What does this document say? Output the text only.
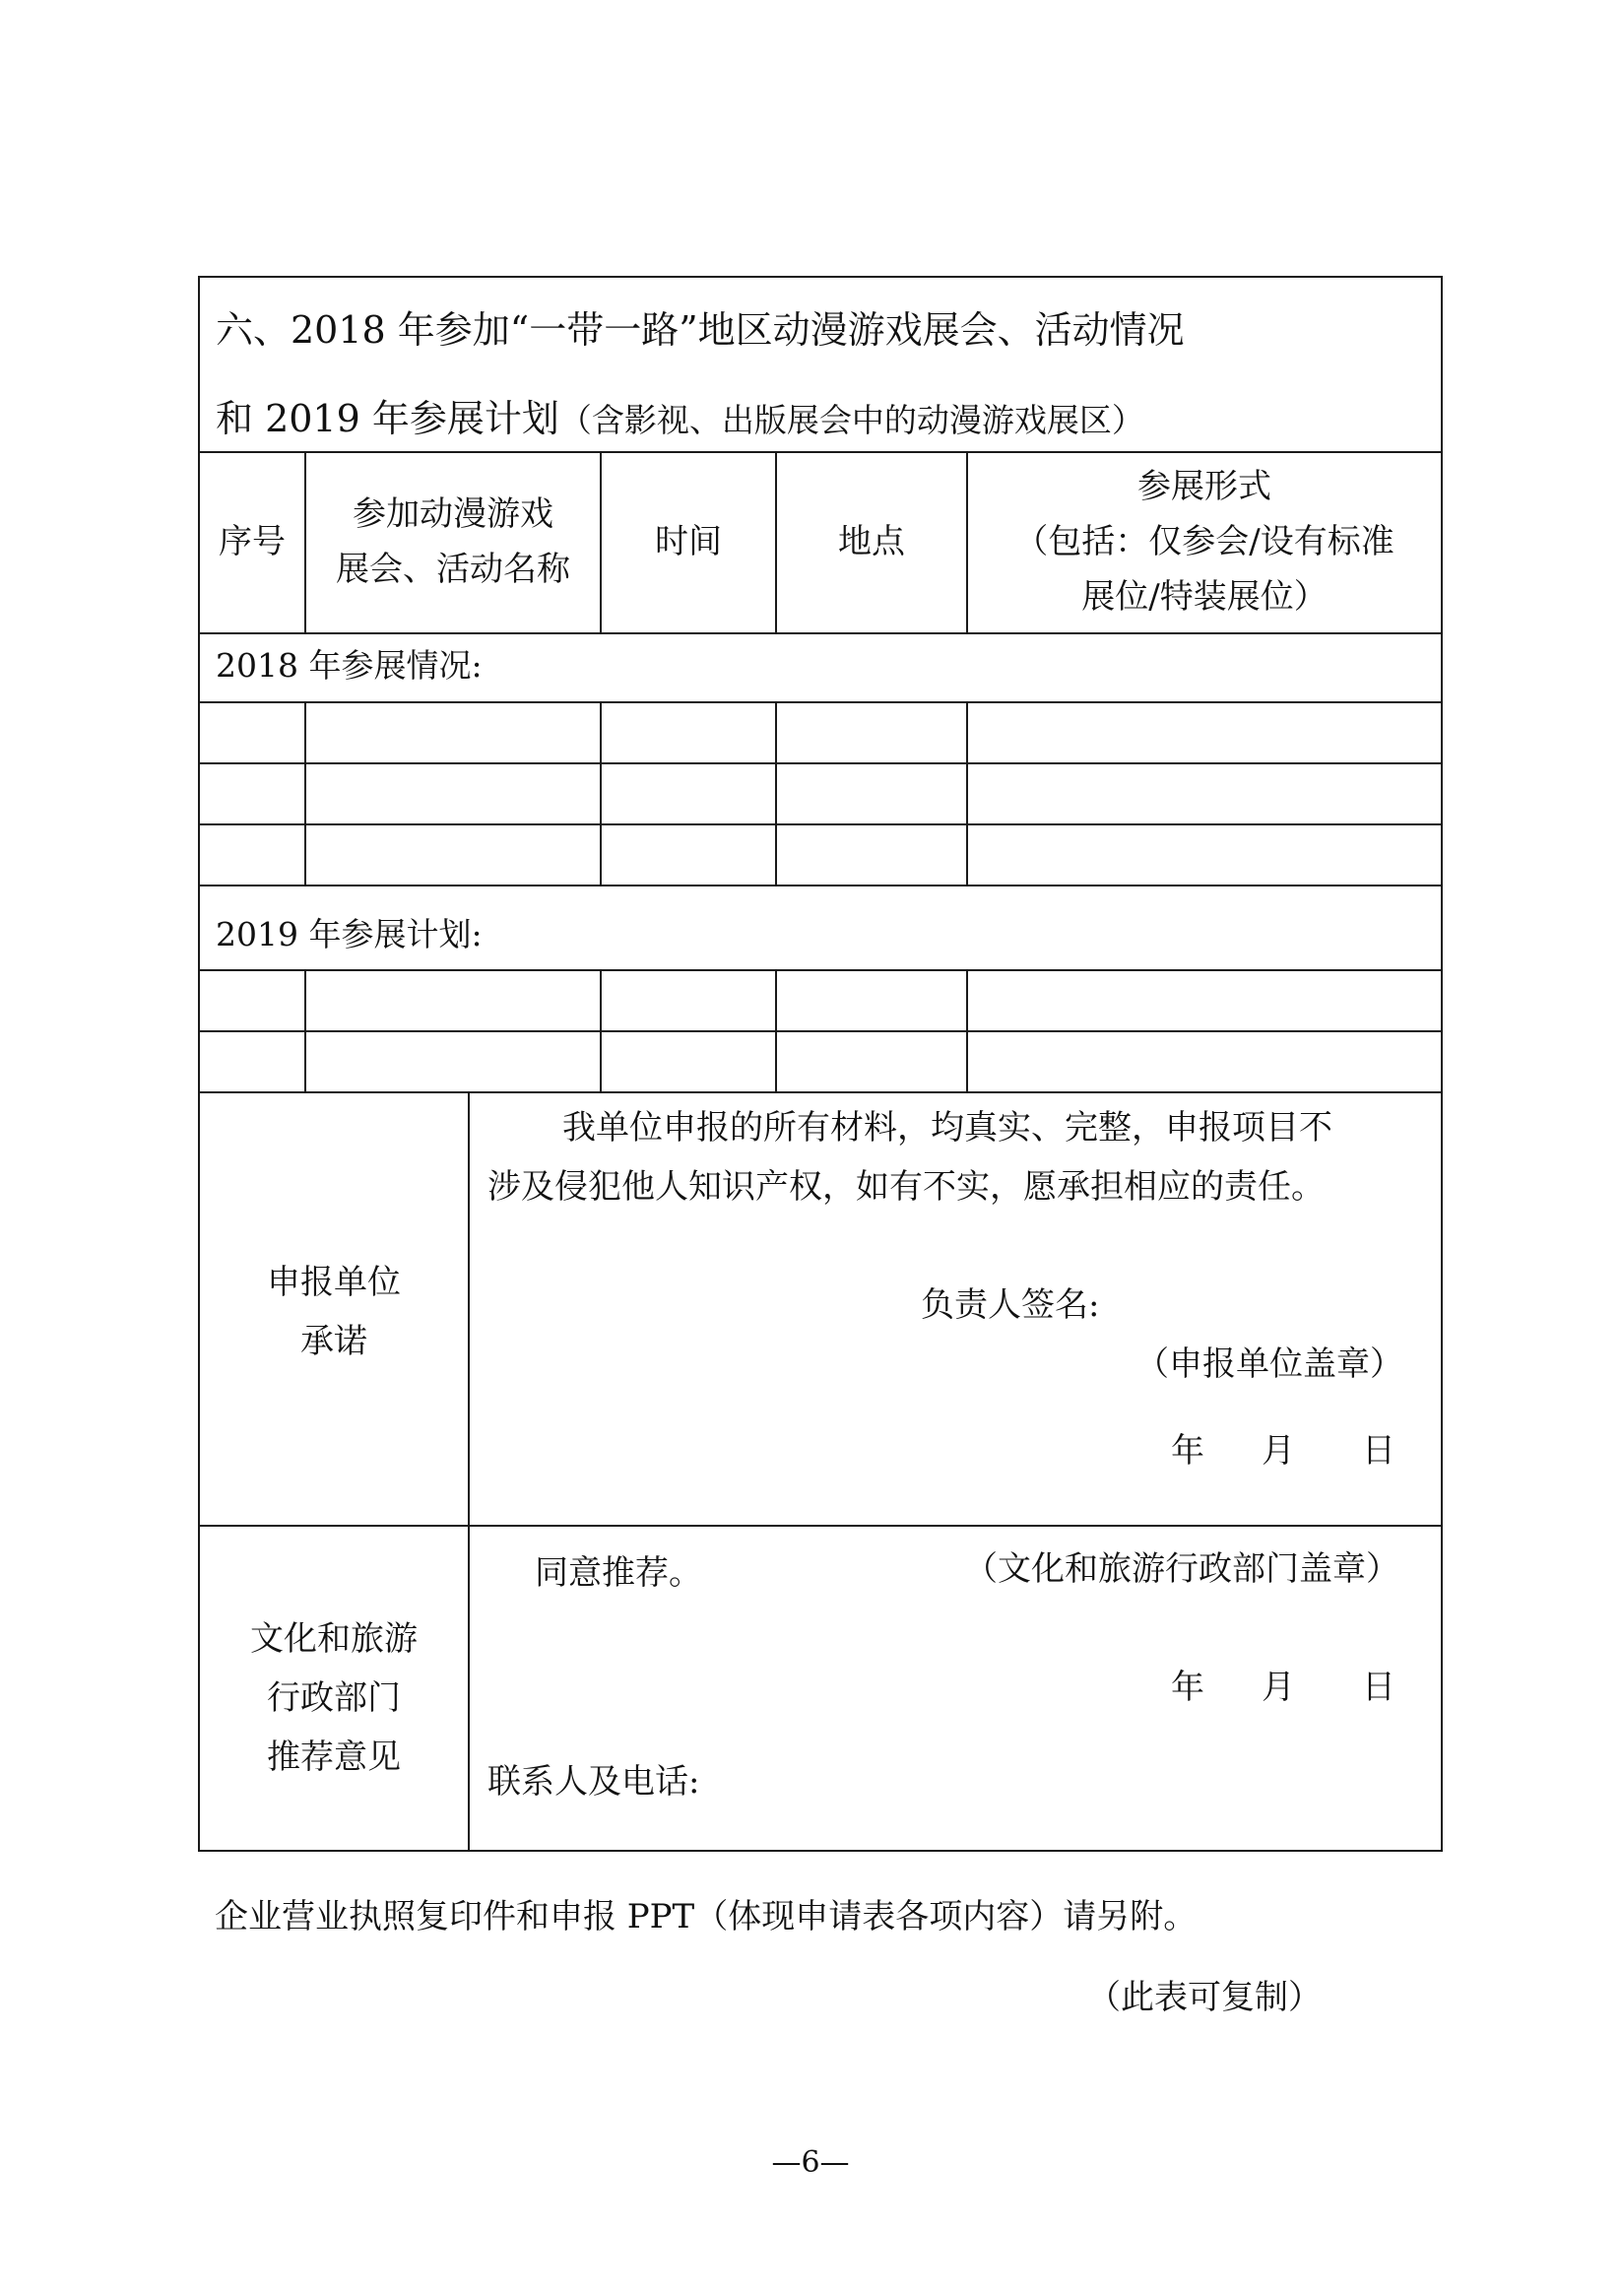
六、2018 年参加“一带一路”地区动漫游戏展会、活动情况
和 2019 年参展计划（含影视、出版展会中的动漫游戏展区）
序号
参加动漫游戏
展会、活动名称
时间	地点
参展形式
（包括：仅参会/设有标准
展位/特装展位）
2018 年参展情况:
2019 年参展计划:
申报单位
承诺
我单位申报的所有材料，均真实、完整，申报项目不
涉及侵犯他人知识产权，如有不实，愿承担相应的责任。
负责人签名:
（申报单位盖章）
年 月 日
文化和旅游
行政部门
推荐意见
同意推荐。	（文化和旅游行政部门盖章）
年 月 日
联系人及电话:
企业营业执照复印件和申报 PPT（体现申请表各项内容）请另附。
（此表可复制）
—6—
